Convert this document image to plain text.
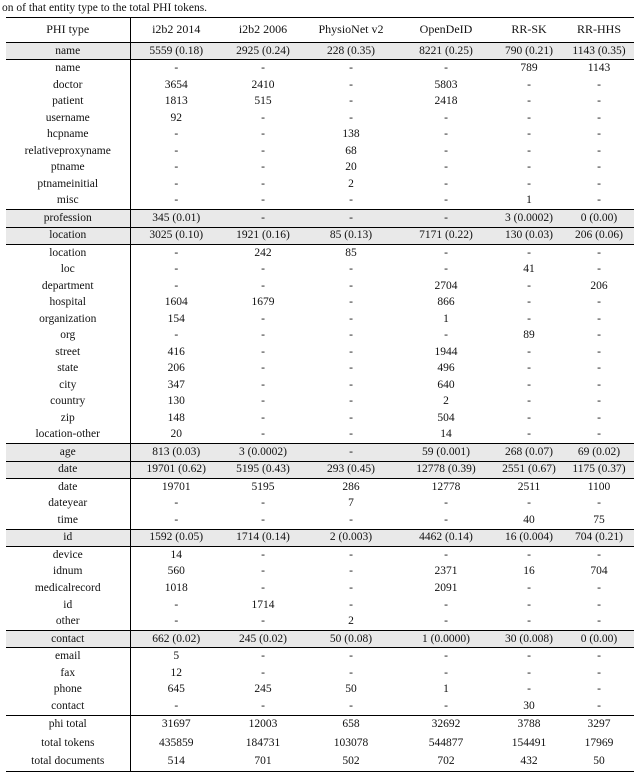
on of that entity type to the total PHI tokens.
PHI type	i2b2 2014	i2b2 2006	PhysioNet v2	OpenDeID	RR-SK	RR-HHS
name	5559 (0.18)	2925 (0.24)	228 (0.35)	8221 (0.25)	790 (0.21)	1143 (0.35)
name	-	-	-	-	789	1143
doctor	3654	2410	-	5803	-	-
patient	1813	515	-	2418	-	-
username	92	-	-	-	-	-
hcpname	-	-	138	-	-	-
relativeproxyname	-	-	68	-	-	-
ptname	-	-	20	-	-	-
ptnameinitial	-	-	2	-	-	-
misc	-	-	-	-	1	-
profession	345 (0.01)	-	-	-	3 (0.0002)	0 (0.00)
location	3025 (0.10)	1921 (0.16)	85 (0.13)	7171 (0.22)	130 (0.03)	206 (0.06)
location	-	242	85	-	-	-
loc	-	-	-	-	41	-
department	-	-	-	2704	-	206
hospital	1604	1679	-	866	-	-
organization	154	-	-	1	-	-
org	-	-	-	-	89	-
street	416	-	-	1944	-	-
state	206	-	-	496	-	-
city	347	-	-	640	-	-
country	130	-	-	2	-	-
zip	148	-	-	504	-	-
location-other	20	-	-	14	-	-
age	813 (0.03)	3 (0.0002)	-	59 (0.001)	268 (0.07)	69 (0.02)
date	19701 (0.62)	5195 (0.43)	293 (0.45)	12778 (0.39)	2551 (0.67)	1175 (0.37)
date	19701	5195	286	12778	2511	1100
dateyear	-	-	7	-	-	-
time	-	-	-	-	40	75
id	1592 (0.05)	1714 (0.14)	2 (0.003)	4462 (0.14)	16 (0.004)	704 (0.21)
device	14	-	-	-	-	-
idnum	560	-	-	2371	16	704
medicalrecord	1018	-	-	2091	-	-
id	-	1714	-	-	-	-
other	-	-	2	-	-	-
contact	662 (0.02)	245 (0.02)	50 (0.08)	1 (0.0000)	30 (0.008)	0 (0.00)
email	5	-	-	-	-	-
fax	12	-	-	-	-	-
phone	645	245	50	1	-	-
contact	-	-	-	-	30	-
phi total	31697	12003	658	32692	3788	3297
total tokens	435859	184731	103078	544877	154491	17969
total documents	514	701	502	702	432	50
